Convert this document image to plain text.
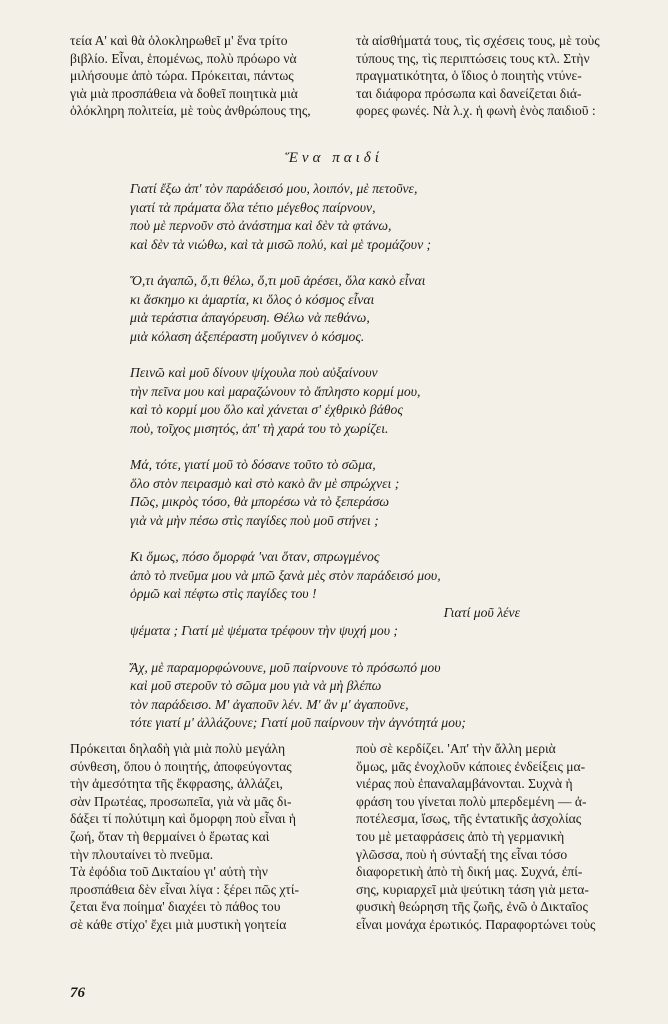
τεία Α' καὶ θὰ ὁλοκληρωθεῖ μ' ἕνα τρίτο
βιβλίο. Εἶναι, ἑπομένως, πολὺ πρόωρο νὰ
μιλήσουμε ἀπὸ τώρα. Πρόκειται, πάντως
γιὰ μιὰ προσπάθεια νὰ δοθεῖ ποιητικὰ μιὰ
ὁλόκληρη πολιτεία, μὲ τοὺς ἀνθρώπους της,
τὰ αἰσθήματά τους, τὶς σχέσεις τους, μὲ τοὺς
τύπους της, τὶς περιπτώσεις τους κτλ. Στὴν
πραγματικότητα, ὁ ἴδιος ὁ ποιητὴς ντύνε-
ται διάφορα πρόσωπα καὶ δανείζεται διά-
φορες φωνές. Νὰ λ.χ. ἡ φωνὴ ἑνὸς παιδιοῦ :
Ἕνα παιδί
Γιατί ἔξω ἀπ' τὸν παράδεισό μου, λοιπόν, μὲ πετοῦνε,
γιατί τὰ πράματα ὅλα τέτιο μέγεθος παίρνουν,
ποὺ μὲ περνοῦν στὸ ἀνάστημα καὶ δὲν τὰ φτάνω,
καὶ δὲν τὰ νιώθω, καὶ τὰ μισῶ πολύ, καὶ μὲ τρομάζουν ;
Ὅ,τι ἀγαπῶ, ὅ,τι θέλω, ὅ,τι μοῦ ἀρέσει, ὅλα κακὸ εἶναι
κι ἄσκημο κι ἁμαρτία, κι ὅλος ὁ κόσμος εἶναι
μιὰ τεράστια ἀπαγόρευση. Θέλω νὰ πεθάνω,
μιὰ κόλαση ἀξεπέραστη μοὔγινεν ὁ κόσμος.
Πεινῶ καὶ μοῦ δίνουν ψίχουλα ποὺ αὐξαίνουν
τὴν πεῖνα μου καὶ μαραζώνουν τὸ ἄπληστο κορμί μου,
καὶ τὸ κορμί μου ὅλο καὶ χάνεται σ' ἐχθρικὸ βάθος
ποὺ, τοῖχος μισητός, ἀπ' τὴ χαρά του τὸ χωρίζει.
Μά, τότε, γιατί μοῦ τὸ δόσανε τοῦτο τὸ σῶμα,
ὅλο στὸν πειρασμὸ καὶ στὸ κακὸ ἂν μὲ σπρώχνει ;
Πῶς, μικρὸς τόσο, θὰ μπορέσω νὰ τὸ ξεπεράσω
γιὰ νὰ μὴν πέσω στὶς παγίδες ποὺ μοῦ στήνει ;
Κι ὅμως, πόσο ὄμορφά 'ναι ὅταν, σπρωγμένος
ἀπὸ τὸ πνεῦμα μου νὰ μπῶ ξανὰ μὲς στὸν παράδεισό μου,
ὁρμῶ καὶ πέφτω στὶς παγίδες του !
Γιατί μοῦ λένε
ψέματα ; Γιατί μὲ ψέματα τρέφουν τὴν ψυχή μου ;
Ἄχ, μὲ παραμορφώνουνε, μοῦ παίρνουνε τὸ πρόσωπό μου
καὶ μοῦ στεροῦν τὸ σῶμα μου γιὰ νὰ μὴ βλέπω
τὸν παράδεισο. Μ' ἀγαποῦν λέν. Μ' ἂν μ' ἀγαποῦνε,
τότε γιατί μ' ἀλλάζουνε; Γιατί μοῦ παίρνουν τὴν ἀγνότητά μου;
Πρόκειται δηλαδὴ γιὰ μιὰ πολὺ μεγάλη
σύνθεση, ὅπου ὁ ποιητής, ἀποφεύγοντας
τὴν ἀμεσότητα τῆς ἔκφρασης, ἀλλάζει,
σὰν Πρωτέας, προσωπεῖα, γιὰ νὰ μᾶς δι-
δάξει τί πολύτιμη καὶ ὄμορφη ποὺ εἶναι ἡ
ζωή, ὅταν τὴ θερμαίνει ὁ ἔρωτας καὶ
τὴν πλουταίνει τὸ πνεῦμα.
Τὰ ἐφόδια τοῦ Δικταίου γι' αὐτὴ τὴν
προσπάθεια δὲν εἶναι λίγα : ξέρει πῶς χτί-
ζεται ἕνα ποίημα' διαχέει τὸ πάθος του
σὲ κάθε στίχο' ἔχει μιὰ μυστικὴ γοητεία
ποὺ σὲ κερδίζει. 'Απ' τὴν ἄλλη μεριὰ
ὅμως, μᾶς ἐνοχλοῦν κάποιες ἐνδείξεις μα-
νιέρας ποὺ ἐπαναλαμβάνονται. Συχνὰ ἡ
φράση του γίνεται πολὺ μπερδεμένη — ἀ-
ποτέλεσμα, ἴσως, τῆς ἐντατικῆς ἀσχολίας
του μὲ μεταφράσεις ἀπὸ τὴ γερμανικὴ
γλῶσσα, ποὺ ἡ σύνταξή της εἶναι τόσο
διαφορετικὴ ἀπὸ τὴ δική μας. Συχνά, ἐπί-
σης, κυριαρχεῖ μιὰ ψεύτικη τάση γιὰ μετα-
φυσικὴ θεώρηση τῆς ζωῆς, ἐνῶ ὁ Δικταῖος
εἶναι μονάχα ἐρωτικός. Παραφορτώνει τοὺς
76
